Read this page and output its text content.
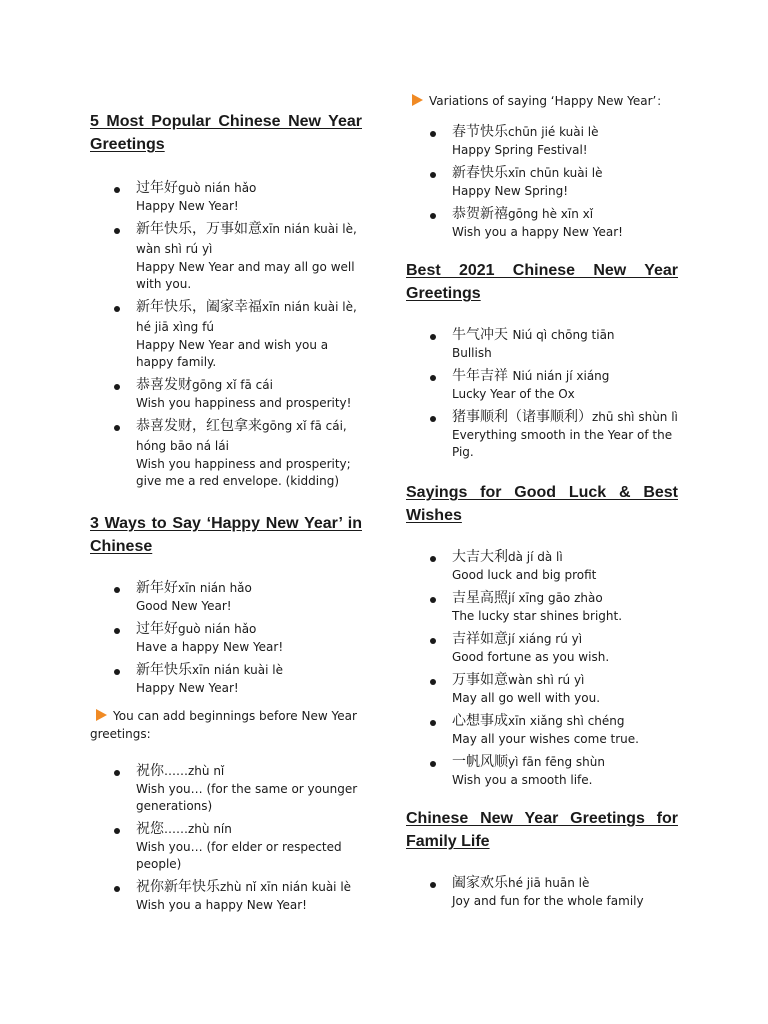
5 Most Popular Chinese New Year Greetings
过年好guò nián hǎo
Happy New Year!
新年快乐，万事如意xīn nián kuài lè, wàn shì rú yì
Happy New Year and may all go well with you.
新年快乐，阖家幸福xīn nián kuài lè, hé jiā xìng fú
Happy New Year and wish you a happy family.
恭喜发财gōng xǐ fā cái
Wish you happiness and prosperity!
恭喜发财，红包拿来gōng xǐ fā cái, hóng bāo ná lái
Wish you happiness and prosperity; give me a red envelope. (kidding)
3 Ways to Say ‘Happy New Year’ in Chinese
新年好xīn nián hǎo
Good New Year!
过年好guò nián hǎo
Have a happy New Year!
新年快乐xīn nián kuài lè
Happy New Year!
You can add beginnings before New Year greetings:
祝你……zhù nǐ
Wish you… (for the same or younger generations)
祝您……zhù nín
Wish you… (for elder or respected people)
祝你新年快乐zhù nǐ xīn nián kuài lè
Wish you a happy New Year!
Variations of saying ‘Happy New Year’：
春节快乐chūn jié kuài lè
Happy Spring Festival!
新春快乐xīn chūn kuài lè
Happy New Spring!
恭贺新禧gōng hè xīn xǐ
Wish you a happy New Year!
Best 2021 Chinese New Year Greetings
牛气冲天 Niú qì chōng tiān
Bullish
牛年吉祥 Niú nián jí xiáng
Lucky Year of the Ox
猪事顺利（诸事顺利）zhū shì shùn lì
Everything smooth in the Year of the Pig.
Sayings for Good Luck & Best Wishes
大吉大利dà jí dà lì
Good luck and big profit
吉星高照jí xīng gāo zhào
The lucky star shines bright.
吉祥如意jí xiáng rú yì
Good fortune as you wish.
万事如意wàn shì rú yì
May all go well with you.
心想事成xīn xiǎng shì chéng
May all your wishes come true.
一帆风顺yì fān fēng shùn
Wish you a smooth life.
Chinese New Year Greetings for Family Life
阖家欢乐hé jiā huān lè
Joy and fun for the whole family
